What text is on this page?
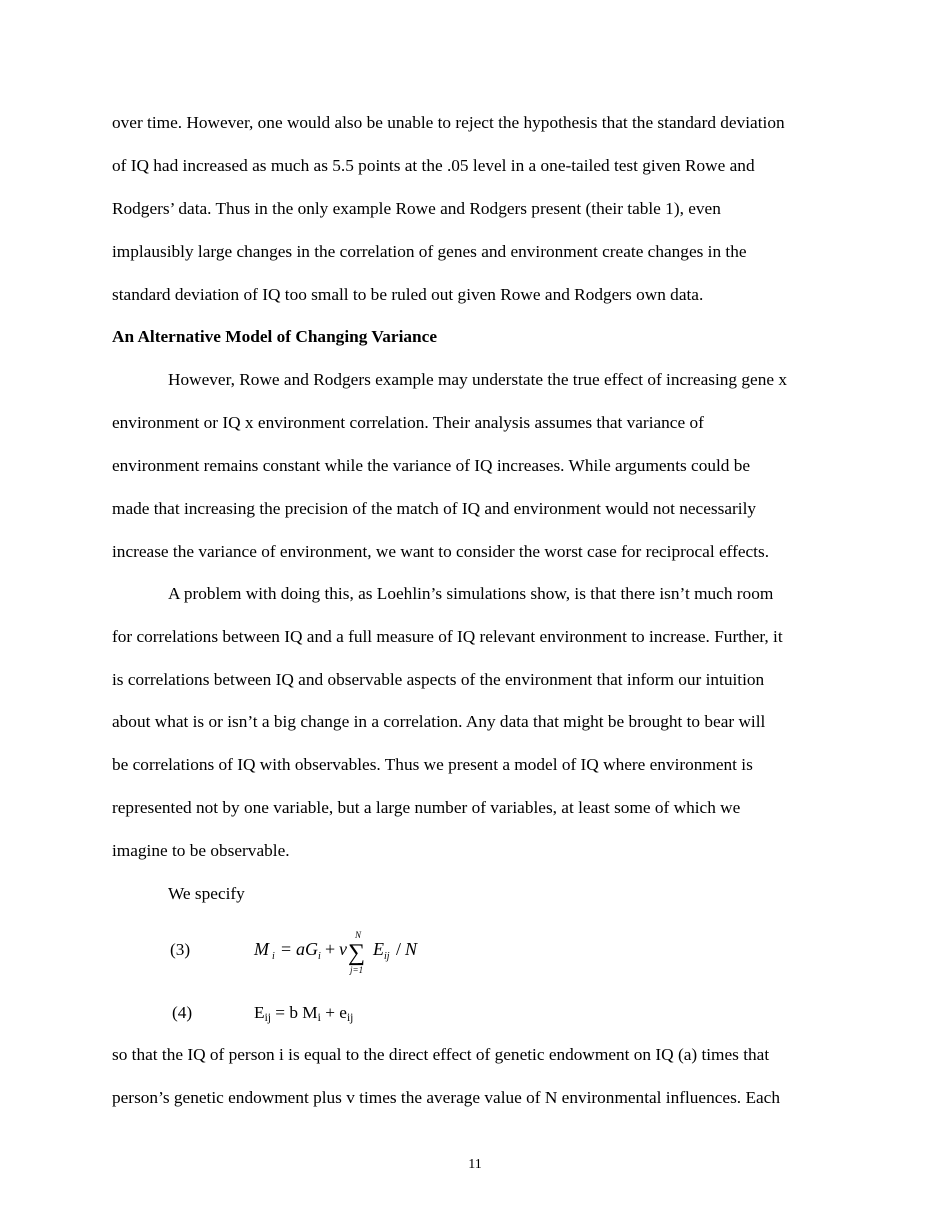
over time. However, one would also be unable to reject the hypothesis that the standard deviation
of IQ had increased as much as 5.5 points at the .05 level in a one-tailed test given Rowe and
Rodgers’ data. Thus in the only example Rowe and Rodgers present (their table 1), even
implausibly large changes in the correlation of genes and environment create changes in the
standard deviation of IQ too small to be ruled out given Rowe and Rodgers own data.
An Alternative Model of Changing Variance
However, Rowe and Rodgers example may understate the true effect of increasing gene x
environment or IQ x environment correlation. Their analysis assumes that variance of
environment remains constant while the variance of IQ increases. While arguments could be
made that increasing the precision of the match of IQ and environment would not necessarily
increase the variance of environment, we want to consider the worst case for reciprocal effects.
A problem with doing this, as Loehlin’s simulations show, is that there isn’t much room
for correlations between IQ and a full measure of IQ relevant environment to increase. Further, it
is correlations between IQ and observable aspects of the environment that inform our intuition
about what is or isn’t a big change in a correlation. Any data that might be brought to bear will
be correlations of IQ with observables. Thus we present a model of IQ where environment is
represented not by one variable, but a large number of variables, at least some of which we
imagine to be observable.
We specify
(3)	M i = a G i + v
N
∑
j=1
E ij / N
(4)	$E_{ij} = b$ $M_i + e_{ij}$
so that the IQ of person i is equal to the direct effect of genetic endowment on IQ (a) times that
person’s genetic endowment plus v times the average value of N environmental influences. Each
11
